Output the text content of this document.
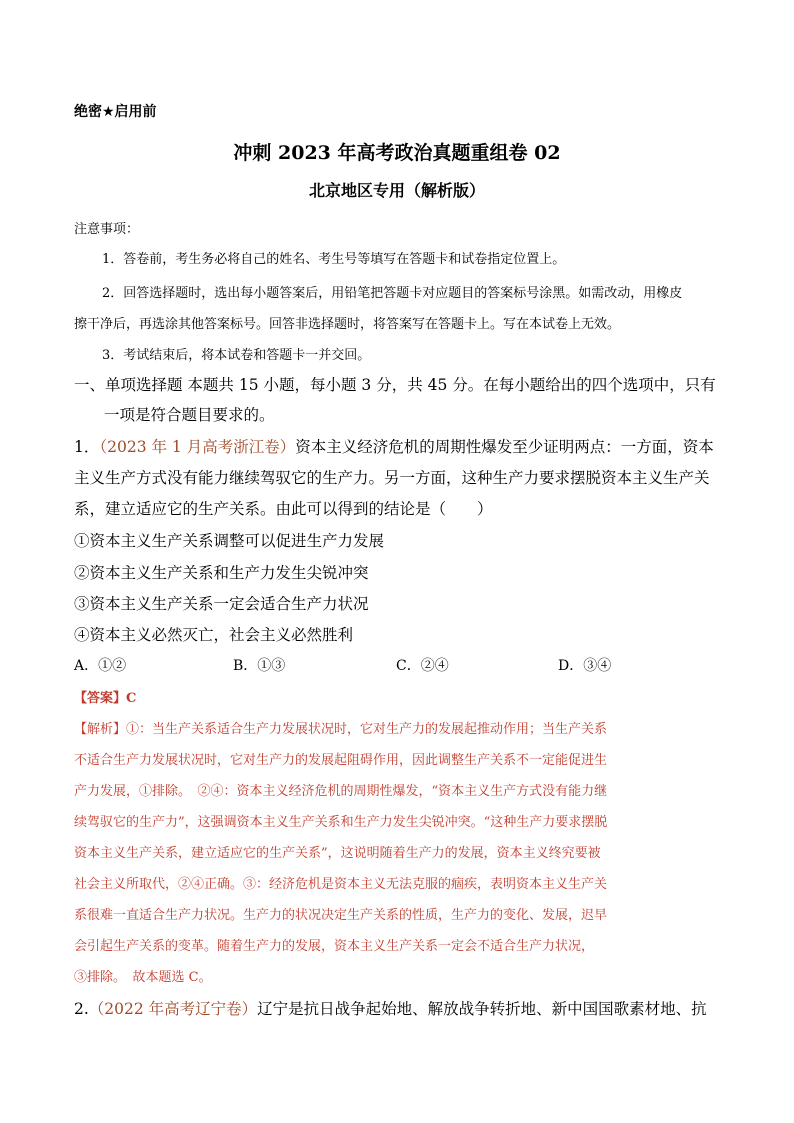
绝密★启用前
冲刺 2023 年高考政治真题重组卷 02
北京地区专用（解析版）
注意事项：
1．答卷前，考生务必将自己的姓名、考生号等填写在答题卡和试卷指定位置上。
2．回答选择题时，选出每小题答案后，用铅笔把答题卡对应题目的答案标号涂黑。如需改动，用橡皮
擦干净后，再选涂其他答案标号。回答非选择题时，将答案写在答题卡上。写在本试卷上无效。
3．考试结束后，将本试卷和答题卡一并交回。
一、单项选择题 本题共 15 小题，每小题 3 分，共 45 分。在每小题给出的四个选项中，只有
一项是符合题目要求的。
1．（2023 年 1 月高考浙江卷）资本主义经济危机的周期性爆发至少证明两点：一方面，资本
主义生产方式没有能力继续驾驭它的生产力。另一方面，这种生产力要求摆脱资本主义生产关
系，建立适应它的生产关系。由此可以得到的结论是（　　）
①资本主义生产关系调整可以促进生产力发展
②资本主义生产关系和生产力发生尖锐冲突
③资本主义生产关系一定会适合生产力状况
④资本主义必然灭亡，社会主义必然胜利
A．①②	B．①③	C．②④	D．③④
【答案】C
【解析】①：当生产关系适合生产力发展状况时，它对生产力的发展起推动作用；当生产关系
不适合生产力发展状况时，它对生产力的发展起阻碍作用，因此调整生产关系不一定能促进生
产力发展，①排除。　②④：资本主义经济危机的周期性爆发，“资本主义生产方式没有能力继
续驾驭它的生产力”，这强调资本主义生产关系和生产力发生尖锐冲突。“这种生产力要求摆脱
资本主义生产关系，建立适应它的生产关系”，这说明随着生产力的发展，资本主义终究要被
社会主义所取代，②④正确。③：经济危机是资本主义无法克服的痼疾，表明资本主义生产关
系很难一直适合生产力状况。生产力的状况决定生产关系的性质，生产力的变化、发展，迟早
会引起生产关系的变革。随着生产力的发展，资本主义生产关系一定会不适合生产力状况，
③排除。　故本题选 C。
2.（2022 年高考辽宁卷）辽宁是抗日战争起始地、解放战争转折地、新中国国歌素材地、抗
